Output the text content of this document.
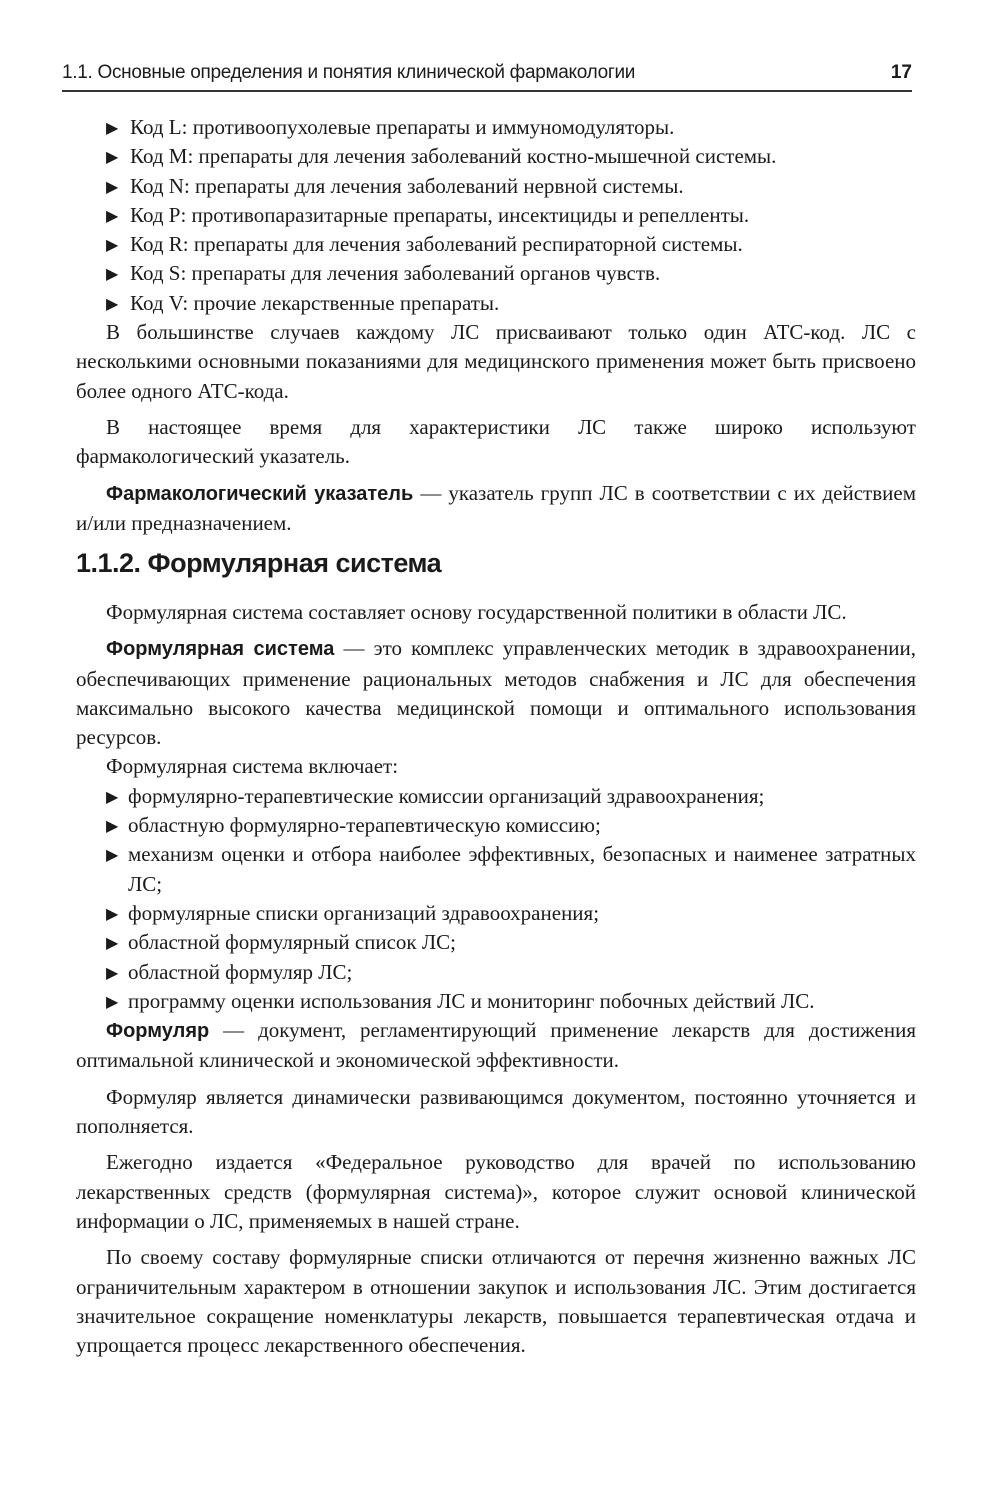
1.1. Основные определения и понятия клинической фармакологии	17

▶ Код L: противоопухолевые препараты и иммуномодуляторы.

▶ Код M: препараты для лечения заболеваний костно-мышечной системы.

▶ Код N: препараты для лечения заболеваний нервной системы.

▶ Код P: противопаразитарные препараты, инсектициды и репелленты.

▶ Код R: препараты для лечения заболеваний респираторной системы.

▶ Код S: препараты для лечения заболеваний органов чувств.

▶ Код V: прочие лекарственные препараты.

В большинстве случаев каждому ЛС присваивают только один АТС-код. ЛС с несколькими основными показаниями для медицинского применения может быть присвоено более одного АТС-кода.

В настоящее время для характеристики ЛС также широко используют фармакологический указатель.

Фармакологический указатель — указатель групп ЛС в соответствии с их действием и/или предназначением.

1.1.2. Формулярная система

Формулярная система составляет основу государственной политики в области ЛС.

Формулярная система — это комплекс управленческих методик в здравоохранении, обеспечивающих применение рациональных методов снабжения и ЛС для обеспечения максимально высокого качества медицинской помощи и оптимального использования ресурсов.

Формулярная система включает:

▶ формулярно-терапевтические комиссии организаций здравоохранения;

▶ областную формулярно-терапевтическую комиссию;

▶ механизм оценки и отбора наиболее эффективных, безопасных и наименее затратных ЛС;

▶ формулярные списки организаций здравоохранения;

▶ областной формулярный список ЛС;

▶ областной формуляр ЛС;

▶ программу оценки использования ЛС и мониторинг побочных действий ЛС.

Формуляр — документ, регламентирующий применение лекарств для достижения оптимальной клинической и экономической эффективности.

Формуляр является динамически развивающимся документом, постоянно уточняется и пополняется.

Ежегодно издается «Федеральное руководство для врачей по использованию лекарственных средств (формулярная система)», которое служит основой клинической информации о ЛС, применяемых в нашей стране.

По своему составу формулярные списки отличаются от перечня жизненно важных ЛС ограничительным характером в отношении закупок и использования ЛС. Этим достигается значительное сокращение номенклатуры лекарств, повышается терапевтическая отдача и упрощается процесс лекарственного обеспечения.
